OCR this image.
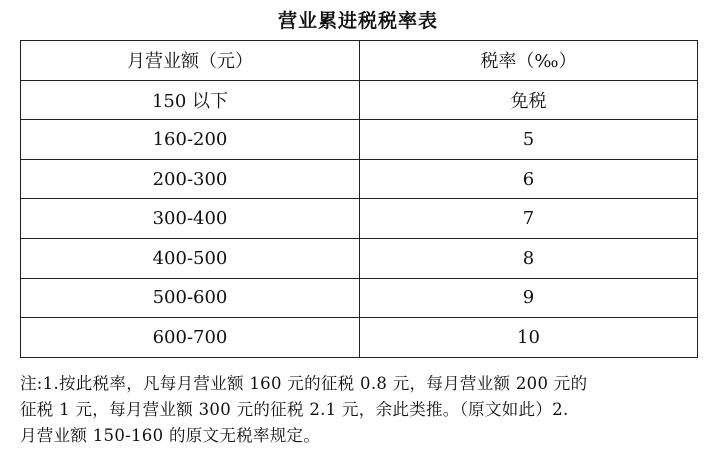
营业累进税税率表
月营业额（元）	税率（‰）
150 以下	免税
160-200	5
200-300	6
300-400	7
400-500	8
500-600	9
600-700	10

注:1.按此税率，凡每月营业额 160 元的征税 0.8 元，每月营业额 200 元的

征税 1 元，每月营业额 300 元的征税 2.1 元，余此类推。（原文如此）2.

月营业额 150-160 的原文无税率规定。
